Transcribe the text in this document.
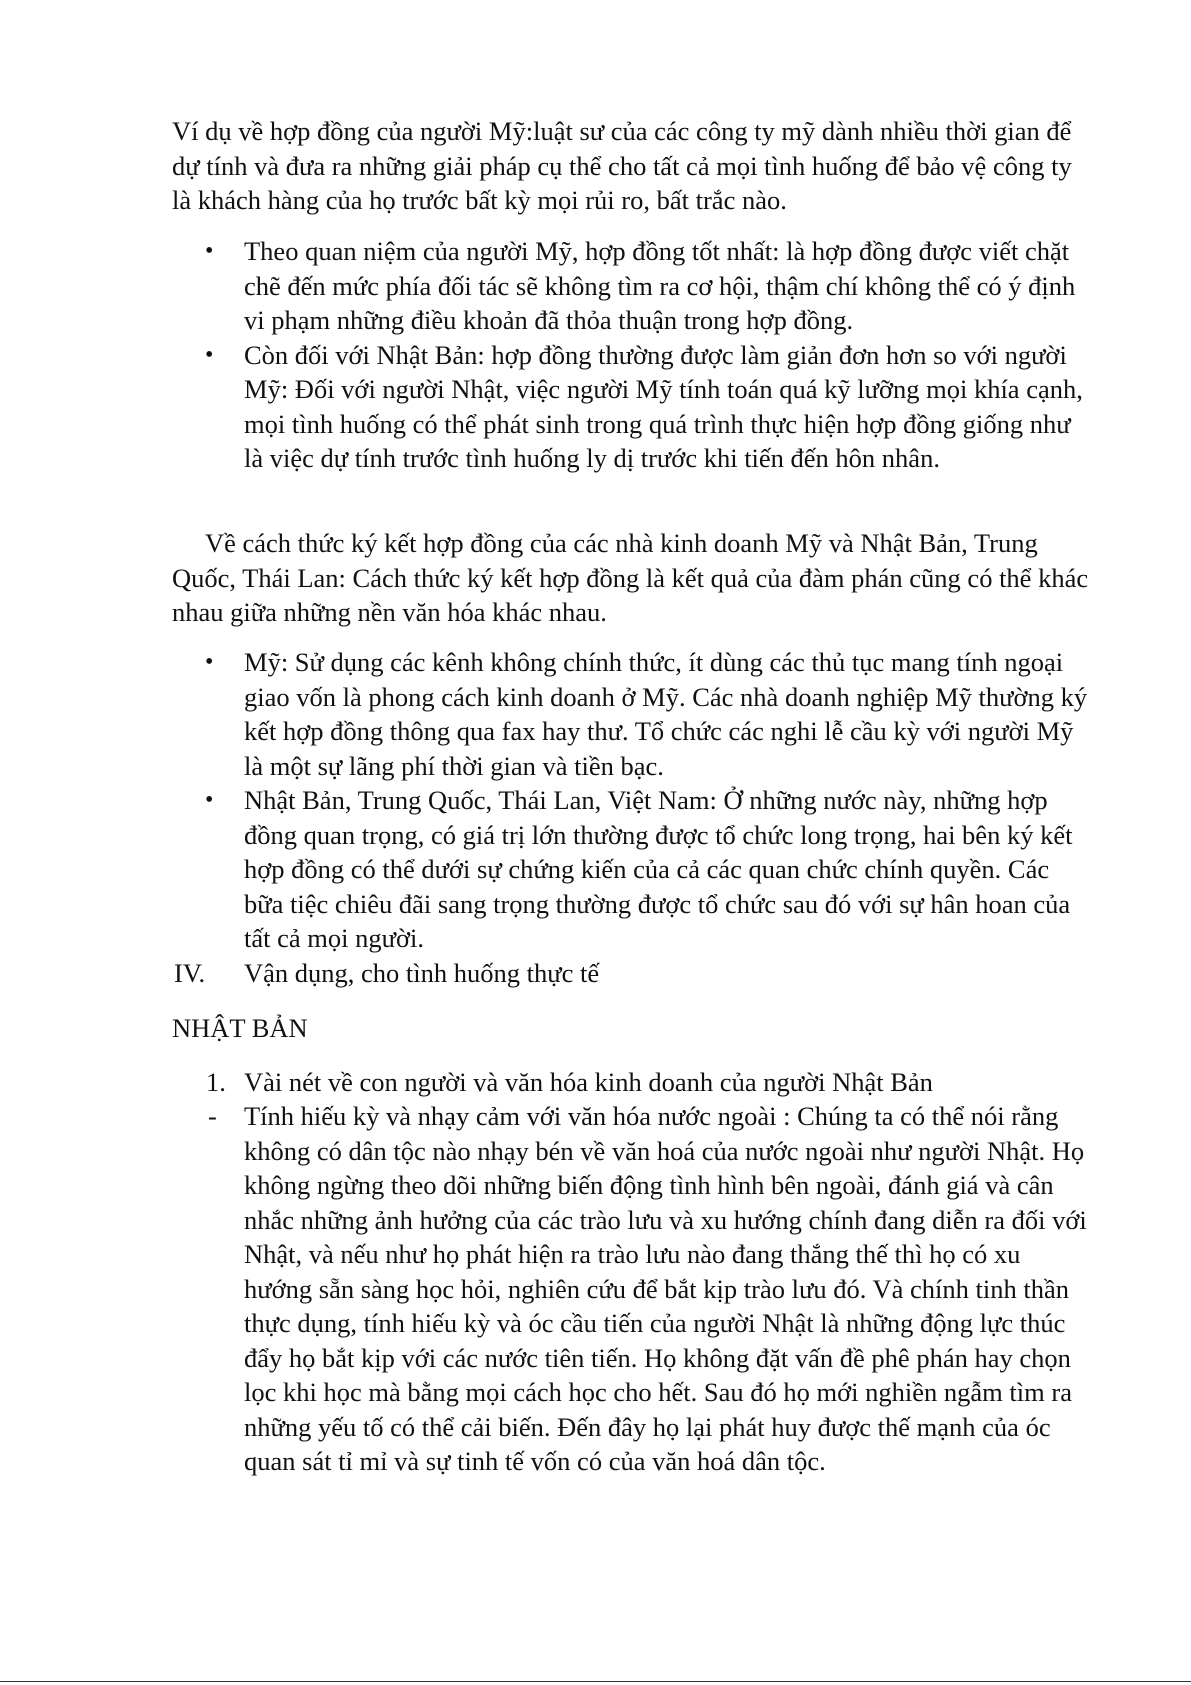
Ví dụ về hợp đồng của người Mỹ:luật sư của các công ty mỹ dành nhiều thời gian để dự tính và đưa ra những giải pháp cụ thể cho tất cả mọi tình huống để bảo vệ công ty là khách hàng của họ trước bất kỳ mọi rủi ro, bất trắc nào.

•	Theo quan niệm của người Mỹ, hợp đồng tốt nhất: là hợp đồng được viết chặt chẽ đến mức phía đối tác sẽ không tìm ra cơ hội, thậm chí không thể có ý định vi phạm những điều khoản đã thỏa thuận trong hợp đồng.
•	Còn đối với Nhật Bản: hợp đồng thường được làm giản đơn hơn so với người Mỹ: Đối với người Nhật, việc người Mỹ tính toán quá kỹ lưỡng mọi khía cạnh, mọi tình huống có thể phát sinh trong quá trình thực hiện hợp đồng giống như là việc dự tính trước tình huống ly dị trước khi tiến đến hôn nhân.

Về cách thức ký kết hợp đồng của các nhà kinh doanh Mỹ và Nhật Bản, Trung Quốc, Thái Lan: Cách thức ký kết hợp đồng là kết quả của đàm phán cũng có thể khác nhau giữa những nền văn hóa khác nhau.

•	Mỹ: Sử dụng các kênh không chính thức, ít dùng các thủ tục mang tính ngoại giao vốn là phong cách kinh doanh ở Mỹ. Các nhà doanh nghiệp Mỹ thường ký kết hợp đồng thông qua fax hay thư. Tổ chức các nghi lễ cầu kỳ với người Mỹ là một sự lãng phí thời gian và tiền bạc.
•	Nhật Bản, Trung Quốc, Thái Lan, Việt Nam: Ở những nước này, những hợp đồng quan trọng, có giá trị lớn thường được tổ chức long trọng, hai bên ký kết hợp đồng có thể dưới sự chứng kiến của cả các quan chức chính quyền. Các bữa tiệc chiêu đãi sang trọng thường được tổ chức sau đó với sự hân hoan của tất cả mọi người.
IV.	Vận dụng, cho tình huống thực tế

NHẬT BẢN

1. Vài nét về con người và văn hóa kinh doanh của người Nhật Bản
-	Tính hiếu kỳ và nhạy cảm với văn hóa nước ngoài : Chúng ta có thể nói rằng không có dân tộc nào nhạy bén về văn hoá của nước ngoài như người Nhật. Họ không ngừng theo dõi những biến động tình hình bên ngoài, đánh giá và cân nhắc những ảnh hưởng của các trào lưu và xu hướng chính đang diễn ra đối với Nhật, và nếu như họ phát hiện ra trào lưu nào đang thắng thế thì họ có xu hướng sẵn sàng học hỏi, nghiên cứu để bắt kịp trào lưu đó. Và chính tinh thần thực dụng, tính hiếu kỳ và óc cầu tiến của người Nhật là những động lực thúc đẩy họ bắt kịp với các nước tiên tiến. Họ không đặt vấn đề phê phán hay chọn lọc khi học mà bằng mọi cách học cho hết. Sau đó họ mới nghiền ngẫm tìm ra những yếu tố có thể cải biến. Đến đây họ lại phát huy được thế mạnh của óc quan sát tỉ mỉ và sự tinh tế vốn có của văn hoá dân tộc.
